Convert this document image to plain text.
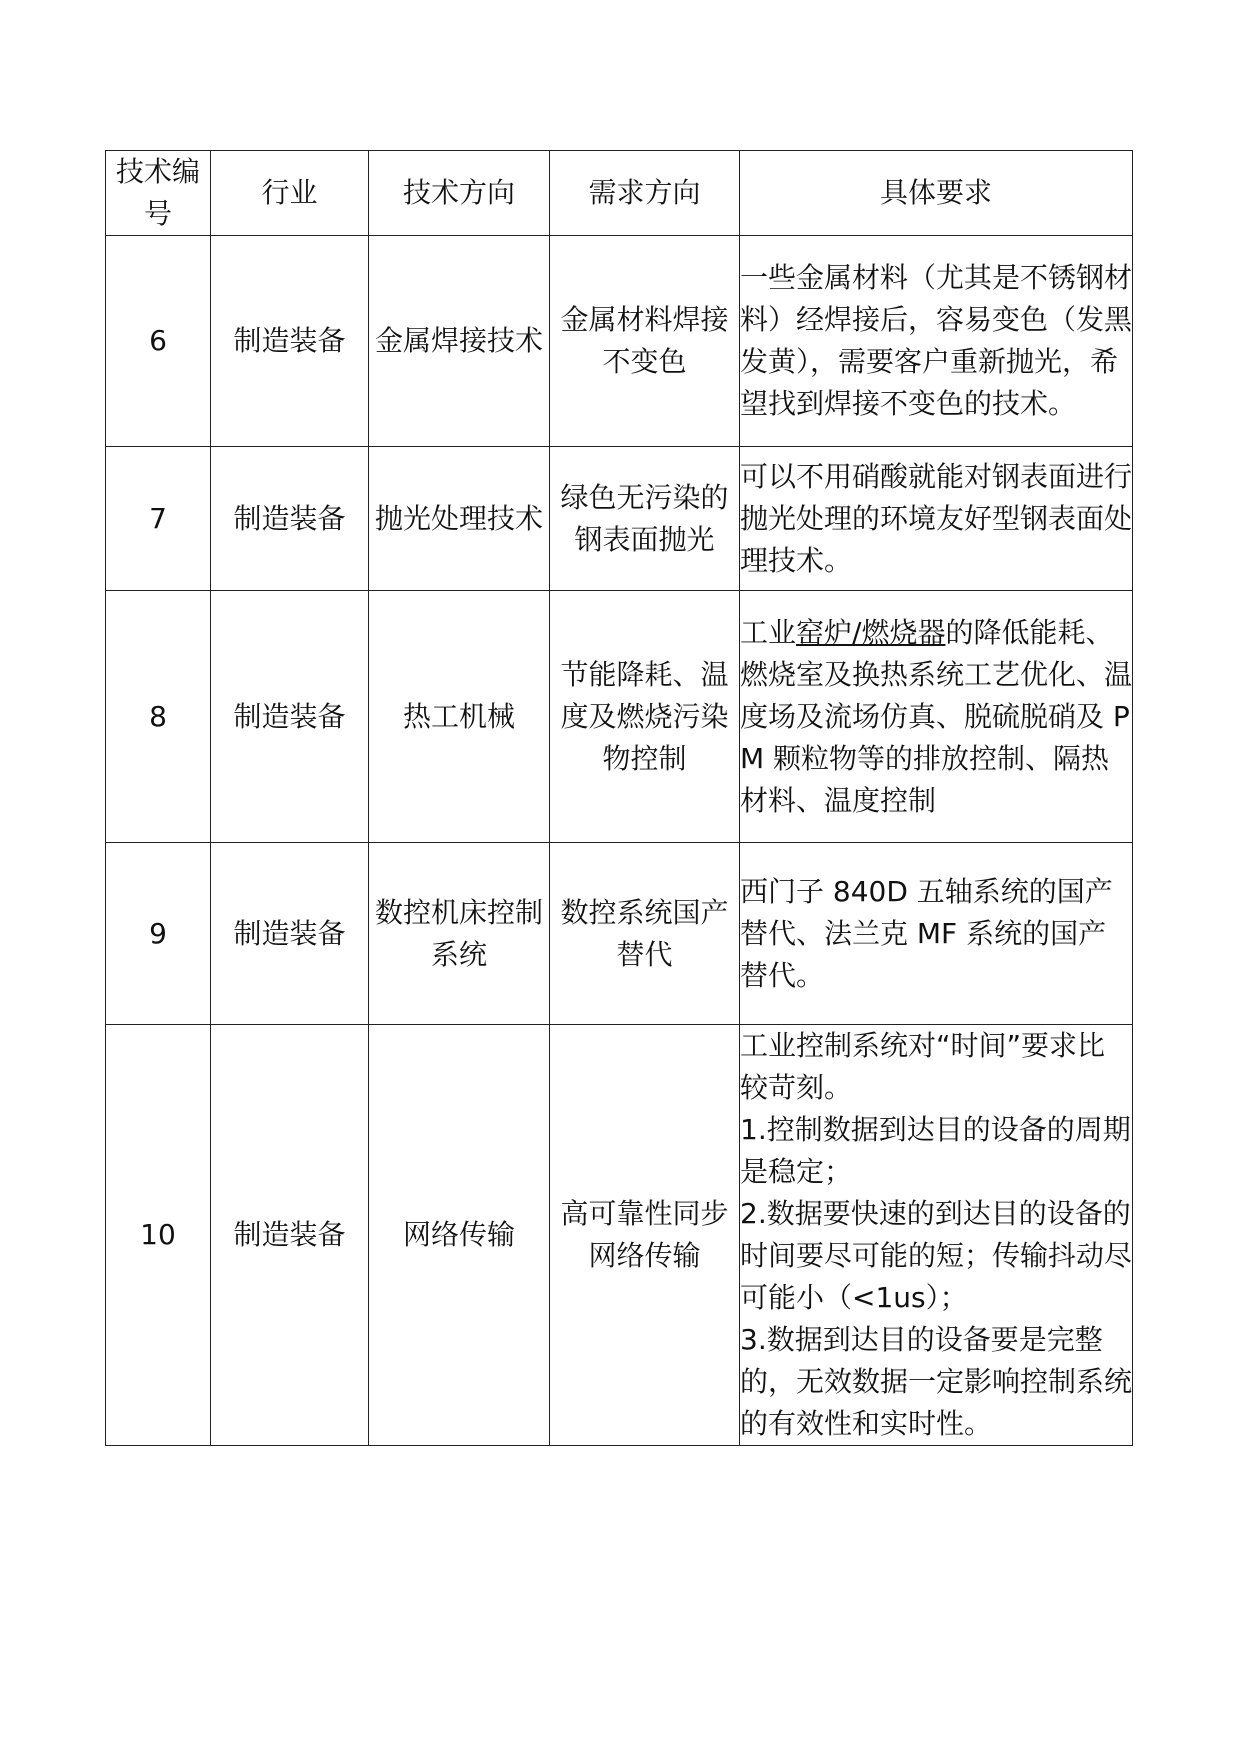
技术编号	行业	技术方向	需求方向	具体要求
6	制造装备	金属焊接技术	金属材料焊接不变色	一些金属材料（尤其是不锈钢材料）经焊接后，容易变色（发黑发黄），需要客户重新抛光，希望找到焊接不变色的技术。
7	制造装备	抛光处理技术	绿色无污染的钢表面抛光	可以不用硝酸就能对钢表面进行抛光处理的环境友好型钢表面处理技术。
8	制造装备	热工机械	节能降耗、温度及燃烧污染物控制	工业窑炉/燃烧器的降低能耗、燃烧室及换热系统工艺优化、温度场及流场仿真、脱硫脱硝及 PM 颗粒物等的排放控制、隔热材料、温度控制
9	制造装备	数控机床控制系统	数控系统国产替代	西门子 840D 五轴系统的国产替代、法兰克 MF 系统的国产替代。
10	制造装备	网络传输	高可靠性同步网络传输	工业控制系统对“时间”要求比较苛刻。
1.控制数据到达目的设备的周期是稳定；
2.数据要快速的到达目的设备的时间要尽可能的短；传输抖动尽可能小（<1us）；
3.数据到达目的设备要是完整的，无效数据一定影响控制系统的有效性和实时性。
